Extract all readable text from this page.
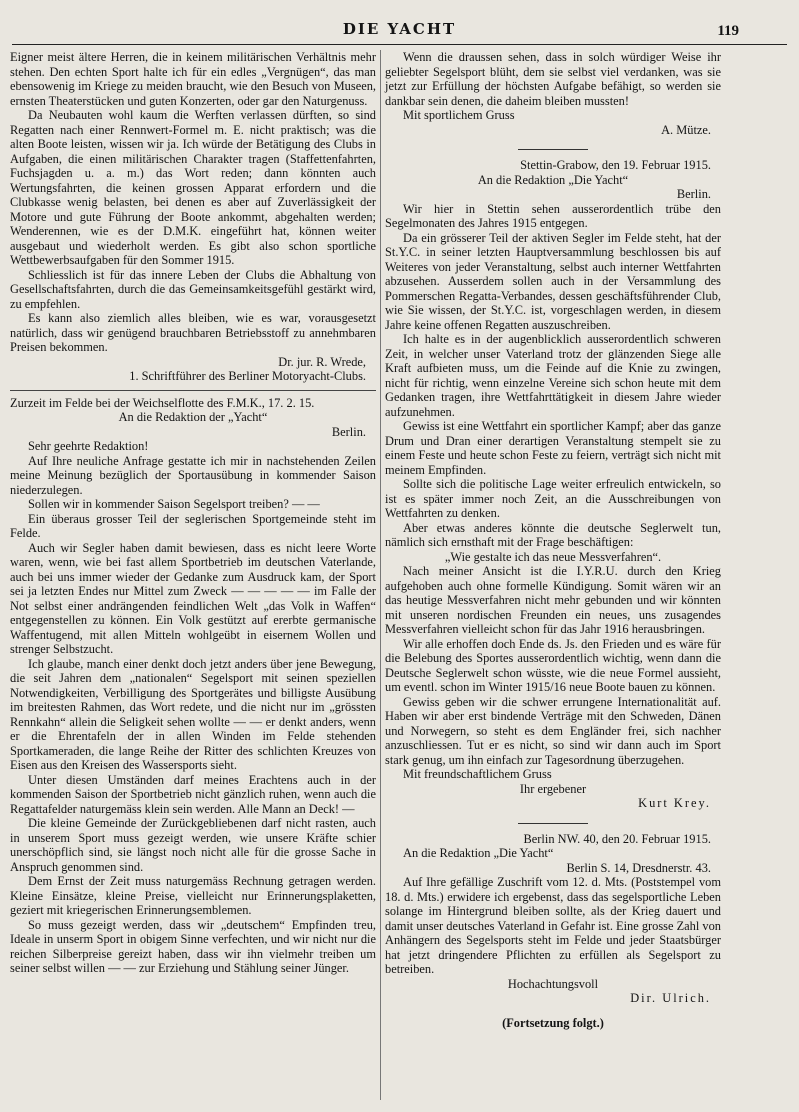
DIE YACHT	119

Eigner meist ältere Herren, die in keinem militärischen Verhältnis mehr stehen. Den echten Sport halte ich für ein edles „Vergnügen“, das man ebensowenig im Kriege zu meiden braucht, wie den Besuch von Museen, ernsten Theaterstücken und guten Konzerten, oder gar den Naturgenuss.

Da Neubauten wohl kaum die Werften verlassen dürften, so sind Regatten nach einer Rennwert-Formel m. E. nicht praktisch; was die alten Boote leisten, wissen wir ja. Ich würde der Betätigung des Clubs in Aufgaben, die einen militärischen Charakter tragen (Staffettenfahrten, Fuchsjagden u. a. m.) das Wort reden; dann könnten auch Wertungsfahrten, die keinen grossen Apparat erfordern und die Clubkasse wenig belasten, bei denen es aber auf Zuverlässigkeit der Motore und gute Führung der Boote ankommt, abgehalten werden; Wenderennen, wie es der D.M.K. eingeführt hat, können weiter ausgebaut und wiederholt werden. Es gibt also schon sportliche Wettbewerbsaufgaben für den Sommer 1915.

Schliesslich ist für das innere Leben der Clubs die Abhaltung von Gesellschaftsfahrten, durch die das Gemeinsamkeitsgefühl gestärkt wird, zu empfehlen.

Es kann also ziemlich alles bleiben, wie es war, vorausgesetzt natürlich, dass wir genügend brauchbaren Betriebsstoff zu annehmbaren Preisen bekommen.

Dr. jur. R. Wrede,

1. Schriftführer des Berliner Motoryacht-Clubs.

Zurzeit im Felde bei der Weichselflotte des F.M.K., 17. 2. 15.

An die Redaktion der „Yacht“

Berlin.

Sehr geehrte Redaktion!

Auf Ihre neuliche Anfrage gestatte ich mir in nachstehenden Zeilen meine Meinung bezüglich der Sportausübung in kommender Saison niederzulegen.

Sollen wir in kommender Saison Segelsport treiben? — —

Ein überaus grosser Teil der seglerischen Sportgemeinde steht im Felde.

Auch wir Segler haben damit bewiesen, dass es nicht leere Worte waren, wenn, wie bei fast allem Sportbetrieb im deutschen Vaterlande, auch bei uns immer wieder der Gedanke zum Ausdruck kam, der Sport sei ja letzten Endes nur Mittel zum Zweck — — — — — im Falle der Not selbst einer andrängenden feindlichen Welt „das Volk in Waffen“ entgegenstellen zu können. Ein Volk gestützt auf ererbte germanische Waffentugend, mit allen Mitteln wohlgeübt in eisernem Wollen und strenger Selbstzucht.

Ich glaube, manch einer denkt doch jetzt anders über jene Bewegung, die seit Jahren dem „nationalen“ Segelsport mit seinen speziellen Notwendigkeiten, Verbilligung des Sportgerätes und billigste Ausübung im breitesten Rahmen, das Wort redete, und die nicht nur im „grössten Rennkahn“ allein die Seligkeit sehen wollte — — er denkt anders, wenn er die Ehrentafeln der in allen Winden im Felde stehenden Sportkameraden, die lange Reihe der Ritter des schlichten Kreuzes von Eisen aus den Kreisen des Wassersports sieht.

Unter diesen Umständen darf meines Erachtens auch in der kommenden Saison der Sportbetrieb nicht gänzlich ruhen, wenn auch die Regattafelder naturgemäss klein sein werden. Alle Mann an Deck! —

Die kleine Gemeinde der Zurückgebliebenen darf nicht rasten, auch in unserem Sport muss gezeigt werden, wie unsere Kräfte schier unerschöpflich sind, sie längst noch nicht alle für die grosse Sache in Anspruch genommen sind.

Dem Ernst der Zeit muss naturgemäss Rechnung getragen werden. Kleine Einsätze, kleine Preise, vielleicht nur Erinnerungsplaketten, geziert mit kriegerischen Erinnerungsemblemen.

So muss gezeigt werden, dass wir „deutschem“ Empfinden treu, Ideale in unserm Sport in obigem Sinne verfechten, und wir nicht nur die reichen Silberpreise gereizt haben, dass wir ihn vielmehr treiben um seiner selbst willen — — zur Erziehung und Stählung seiner Jünger.

Wenn die draussen sehen, dass in solch würdiger Weise ihr geliebter Segelsport blüht, dem sie selbst viel verdanken, was sie jetzt zur Erfüllung der höchsten Aufgabe befähigt, so werden sie dankbar sein denen, die daheim bleiben mussten!

Mit sportlichem Gruss

A. Mütze.

Stettin-Grabow, den 19. Februar 1915.

An die Redaktion „Die Yacht“

Berlin.

Wir hier in Stettin sehen ausserordentlich trübe den Segelmonaten des Jahres 1915 entgegen.

Da ein grösserer Teil der aktiven Segler im Felde steht, hat der St.Y.C. in seiner letzten Hauptversammlung beschlossen bis auf Weiteres von jeder Veranstaltung, selbst auch interner Wettfahrten abzusehen. Ausserdem sollen auch in der Versammlung des Pommerschen Regatta-Verbandes, dessen geschäftsführender Club, wie Sie wissen, der St.Y.C. ist, vorgeschlagen werden, in diesem Jahre keine offenen Regatten auszuschreiben.

Ich halte es in der augenblicklich ausserordentlich schweren Zeit, in welcher unser Vaterland trotz der glänzenden Siege alle Kraft aufbieten muss, um die Feinde auf die Knie zu zwingen, nicht für richtig, wenn einzelne Vereine sich schon heute mit dem Gedanken tragen, ihre Wettfahrttätigkeit in diesem Jahre wieder aufzunehmen.

Gewiss ist eine Wettfahrt ein sportlicher Kampf; aber das ganze Drum und Dran einer derartigen Veranstaltung stempelt sie zu einem Feste und heute schon Feste zu feiern, verträgt sich nicht mit meinem Empfinden.

Sollte sich die politische Lage weiter erfreulich entwickeln, so ist es später immer noch Zeit, an die Ausschreibungen von Wettfahrten zu denken.

Aber etwas anderes könnte die deutsche Seglerwelt tun, nämlich sich ernsthaft mit der Frage beschäftigen:

„Wie gestalte ich das neue Messverfahren“.

Nach meiner Ansicht ist die I.Y.R.U. durch den Krieg aufgehoben auch ohne formelle Kündigung. Somit wären wir an das heutige Messverfahren nicht mehr gebunden und wir könnten mit unseren nordischen Freunden ein neues, uns zusagendes Messverfahren vielleicht schon für das Jahr 1916 herausbringen.

Wir alle erhoffen doch Ende ds. Js. den Frieden und es wäre für die Belebung des Sportes ausserordentlich wichtig, wenn dann die Deutsche Seglerwelt schon wüsste, wie die neue Formel aussieht, um eventl. schon im Winter 1915/16 neue Boote bauen zu können.

Gewiss geben wir die schwer errungene Internationalität auf. Haben wir aber erst bindende Verträge mit den Schweden, Dänen und Norwegern, so steht es dem Engländer frei, sich nachher anzuschliessen. Tut er es nicht, so sind wir dann auch im Sport stark genug, um ihn einfach zur Tagesordnung überzugehen.

Mit freundschaftlichem Gruss

Ihr ergebener

Kurt Krey.

Berlin NW. 40, den 20. Februar 1915.

An die Redaktion „Die Yacht“

Berlin S. 14, Dresdnerstr. 43.

Auf Ihre gefällige Zuschrift vom 12. d. Mts. (Poststempel vom 18. d. Mts.) erwidere ich ergebenst, dass das segelsportliche Leben solange im Hintergrund bleiben sollte, als der Krieg dauert und damit unser deutsches Vaterland in Gefahr ist. Eine grosse Zahl von Anhängern des Segelsports steht im Felde und jeder Staatsbürger hat jetzt dringendere Pflichten zu erfüllen als Segelsport zu betreiben.

Hochachtungsvoll

Dir. Ulrich.

(Fortsetzung folgt.)
